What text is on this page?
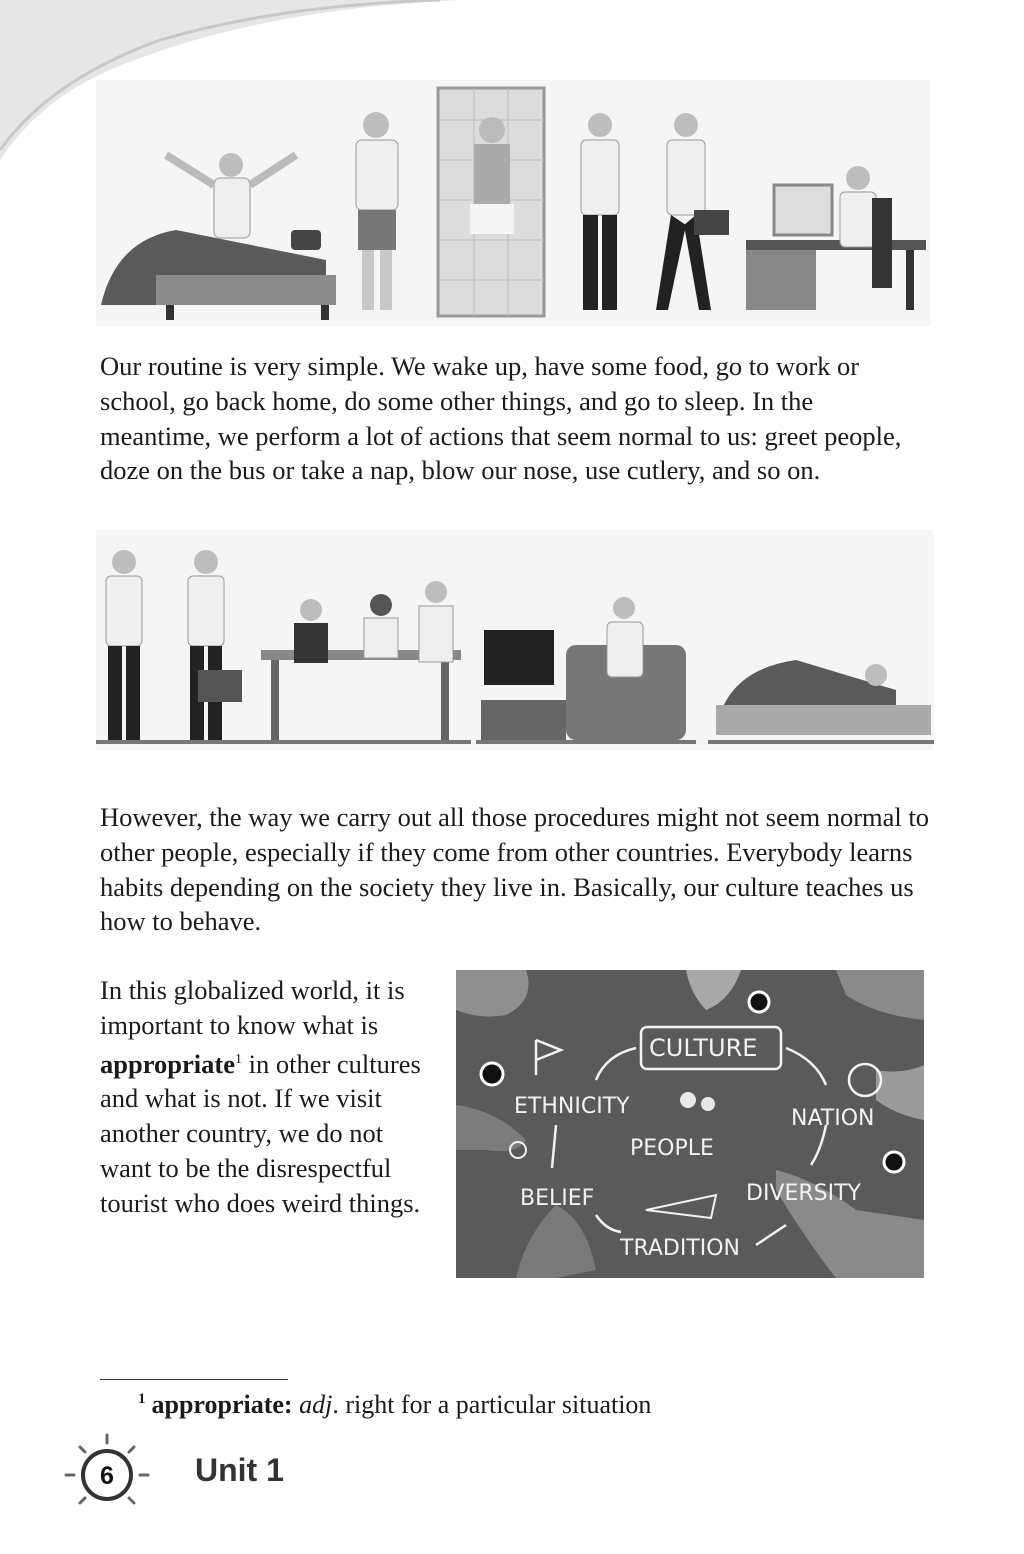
Our routine is very simple. We wake up, have some food, go to work or school, go back home, do some other things, and go to sleep. In the meantime, we perform a lot of actions that seem normal to us: greet people, doze on the bus or take a nap, blow our nose, use cutlery, and so on.

However, the way we carry out all those procedures might not seem normal to other people, especially if they come from other countries. Everybody learns habits depending on the society they live in. Basically, our culture teaches us how to behave.

In this globalized world, it is important to know what is appropriate$^1$ in other cultures and what is not. If we visit another country, we do not want to be the disrespectful tourist who does weird things.

CULTURE
ETHNICITY
PEOPLE
NATION
BELIEF	DIVERSITY
TRADITION
$^1$ appropriate: adj. right for a particular situation
6	Unit 1
